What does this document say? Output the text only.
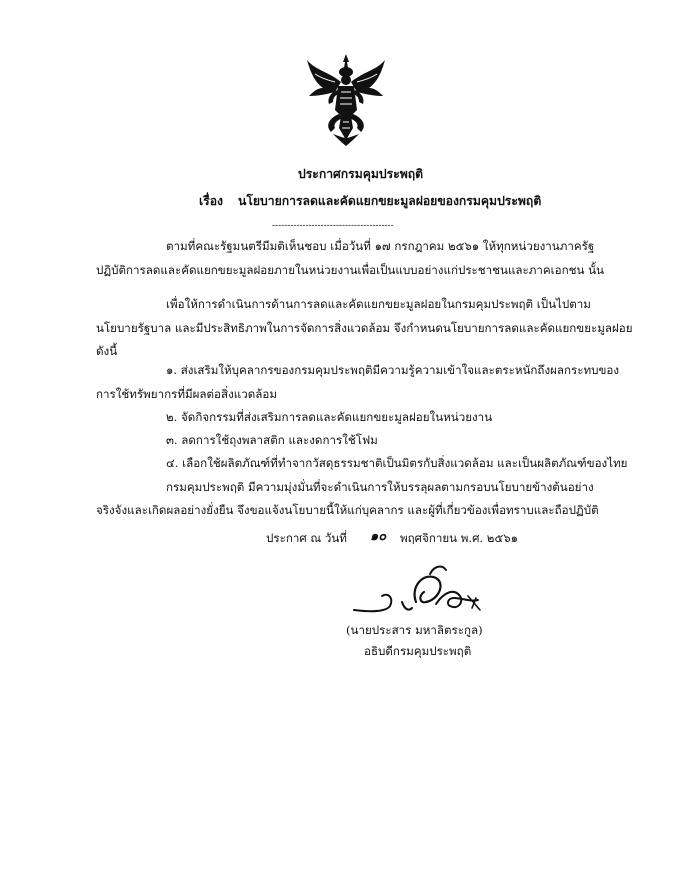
ประกาศกรมคุมประพฤติ
เรื่อง นโยบายการลดและคัดแยกขยะมูลฝอยของกรมคุมประพฤติ
----------------------------------------
ตามที่คณะรัฐมนตรีมีมติเห็นชอบ เมื่อวันที่ ๑๗ กรกฎาคม ๒๕๖๑ ให้ทุกหน่วยงานภาครัฐ
ปฏิบัติการลดและคัดแยกขยะมูลฝอยภายในหน่วยงานเพื่อเป็นแบบอย่างแก่ประชาชนและภาคเอกชน นั้น
เพื่อให้การดำเนินการด้านการลดและคัดแยกขยะมูลฝอยในกรมคุมประพฤติ เป็นไปตาม
นโยบายรัฐบาล และมีประสิทธิภาพในการจัดการสิ่งแวดล้อม จึงกำหนดนโยบายการลดและคัดแยกขยะมูลฝอย
ดังนี้
๑. ส่งเสริมให้บุคลากรของกรมคุมประพฤติมีความรู้ความเข้าใจและตระหนักถึงผลกระทบของ
การใช้ทรัพยากรที่มีผลต่อสิ่งแวดล้อม
๒. จัดกิจกรรมที่ส่งเสริมการลดและคัดแยกขยะมูลฝอยในหน่วยงาน
๓. ลดการใช้ถุงพลาสติก และงดการใช้โฟม
๔. เลือกใช้ผลิตภัณฑ์ที่ทำจากวัสดุธรรมชาติเป็นมิตรกับสิ่งแวดล้อม และเป็นผลิตภัณฑ์ของไทย
กรมคุมประพฤติ มีความมุ่งมั่นที่จะดำเนินการให้บรรลุผลตามกรอบนโยบายข้างต้นอย่าง
จริงจังและเกิดผลอย่างยั่งยืน จึงขอแจ้งนโยบายนี้ให้แก่บุคลากร และผู้ที่เกี่ยวข้องเพื่อทราบและถือปฏิบัติ
ประกาศ ณ วันที่ ๑๐ พฤศจิกายน พ.ศ. ๒๕๖๑
(นายประสาร มหาลิตระกูล)
อธิบดีกรมคุมประพฤติ
